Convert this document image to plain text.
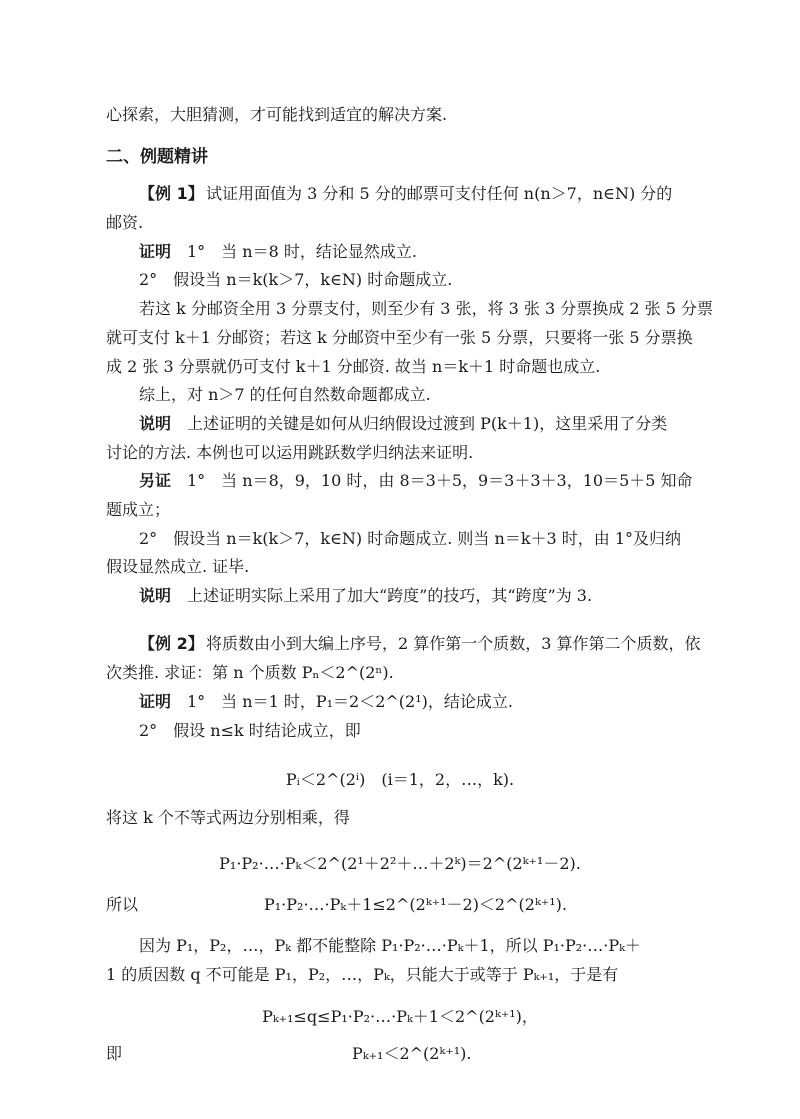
心探索，大胆猜测，才可能找到适宜的解决方案.
二、例题精讲
【例 1】 试证用面值为 3 分和 5 分的邮票可支付任何 n(n＞7，n∈N) 分的
邮资.
证明 1°　当 n＝8 时，结论显然成立.
2°　假设当 n＝k(k＞7，k∈N) 时命题成立.
若这 k 分邮资全用 3 分票支付，则至少有 3 张，将 3 张 3 分票换成 2 张 5 分票
就可支付 k＋1 分邮资；若这 k 分邮资中至少有一张 5 分票，只要将一张 5 分票换
成 2 张 3 分票就仍可支付 k＋1 分邮资. 故当 n＝k＋1 时命题也成立.
综上，对 n＞7 的任何自然数命题都成立.
说明 上述证明的关键是如何从归纳假设过渡到 P(k＋1)，这里采用了分类
讨论的方法. 本例也可以运用跳跃数学归纳法来证明.
另证 1°　当 n＝8，9，10 时，由 8＝3＋5，9＝3＋3＋3，10＝5＋5 知命
题成立；
2°　假设当 n＝k(k＞7，k∈N) 时命题成立. 则当 n＝k＋3 时，由 1°及归纳
假设显然成立. 证毕.
说明 上述证明实际上采用了加大“跨度”的技巧，其“跨度”为 3.
【例 2】 将质数由小到大编上序号，2 算作第一个质数，3 算作第二个质数，依
次类推. 求证：第 n 个质数 Pₙ＜2^(2ⁿ).
证明 1°　当 n＝1 时，P₁＝2＜2^(2¹)，结论成立.
2°　假设 n≤k 时结论成立，即
Pᵢ＜2^(2ⁱ)　(i＝1，2，…，k).
将这 k 个不等式两边分别相乘，得
P₁·P₂·…·Pₖ＜2^(2¹＋2²＋…＋2ᵏ)＝2^(2ᵏ⁺¹－2).
所以	P₁·P₂·…·Pₖ＋1≤2^(2ᵏ⁺¹－2)＜2^(2ᵏ⁺¹).
因为 P₁，P₂，…，Pₖ 都不能整除 P₁·P₂·…·Pₖ＋1，所以 P₁·P₂·…·Pₖ＋
1 的质因数 q 不可能是 P₁，P₂，…，Pₖ，只能大于或等于 Pₖ₊₁，于是有
Pₖ₊₁≤q≤P₁·P₂·…·Pₖ＋1＜2^(2ᵏ⁺¹)，
即	Pₖ₊₁＜2^(2ᵏ⁺¹).
